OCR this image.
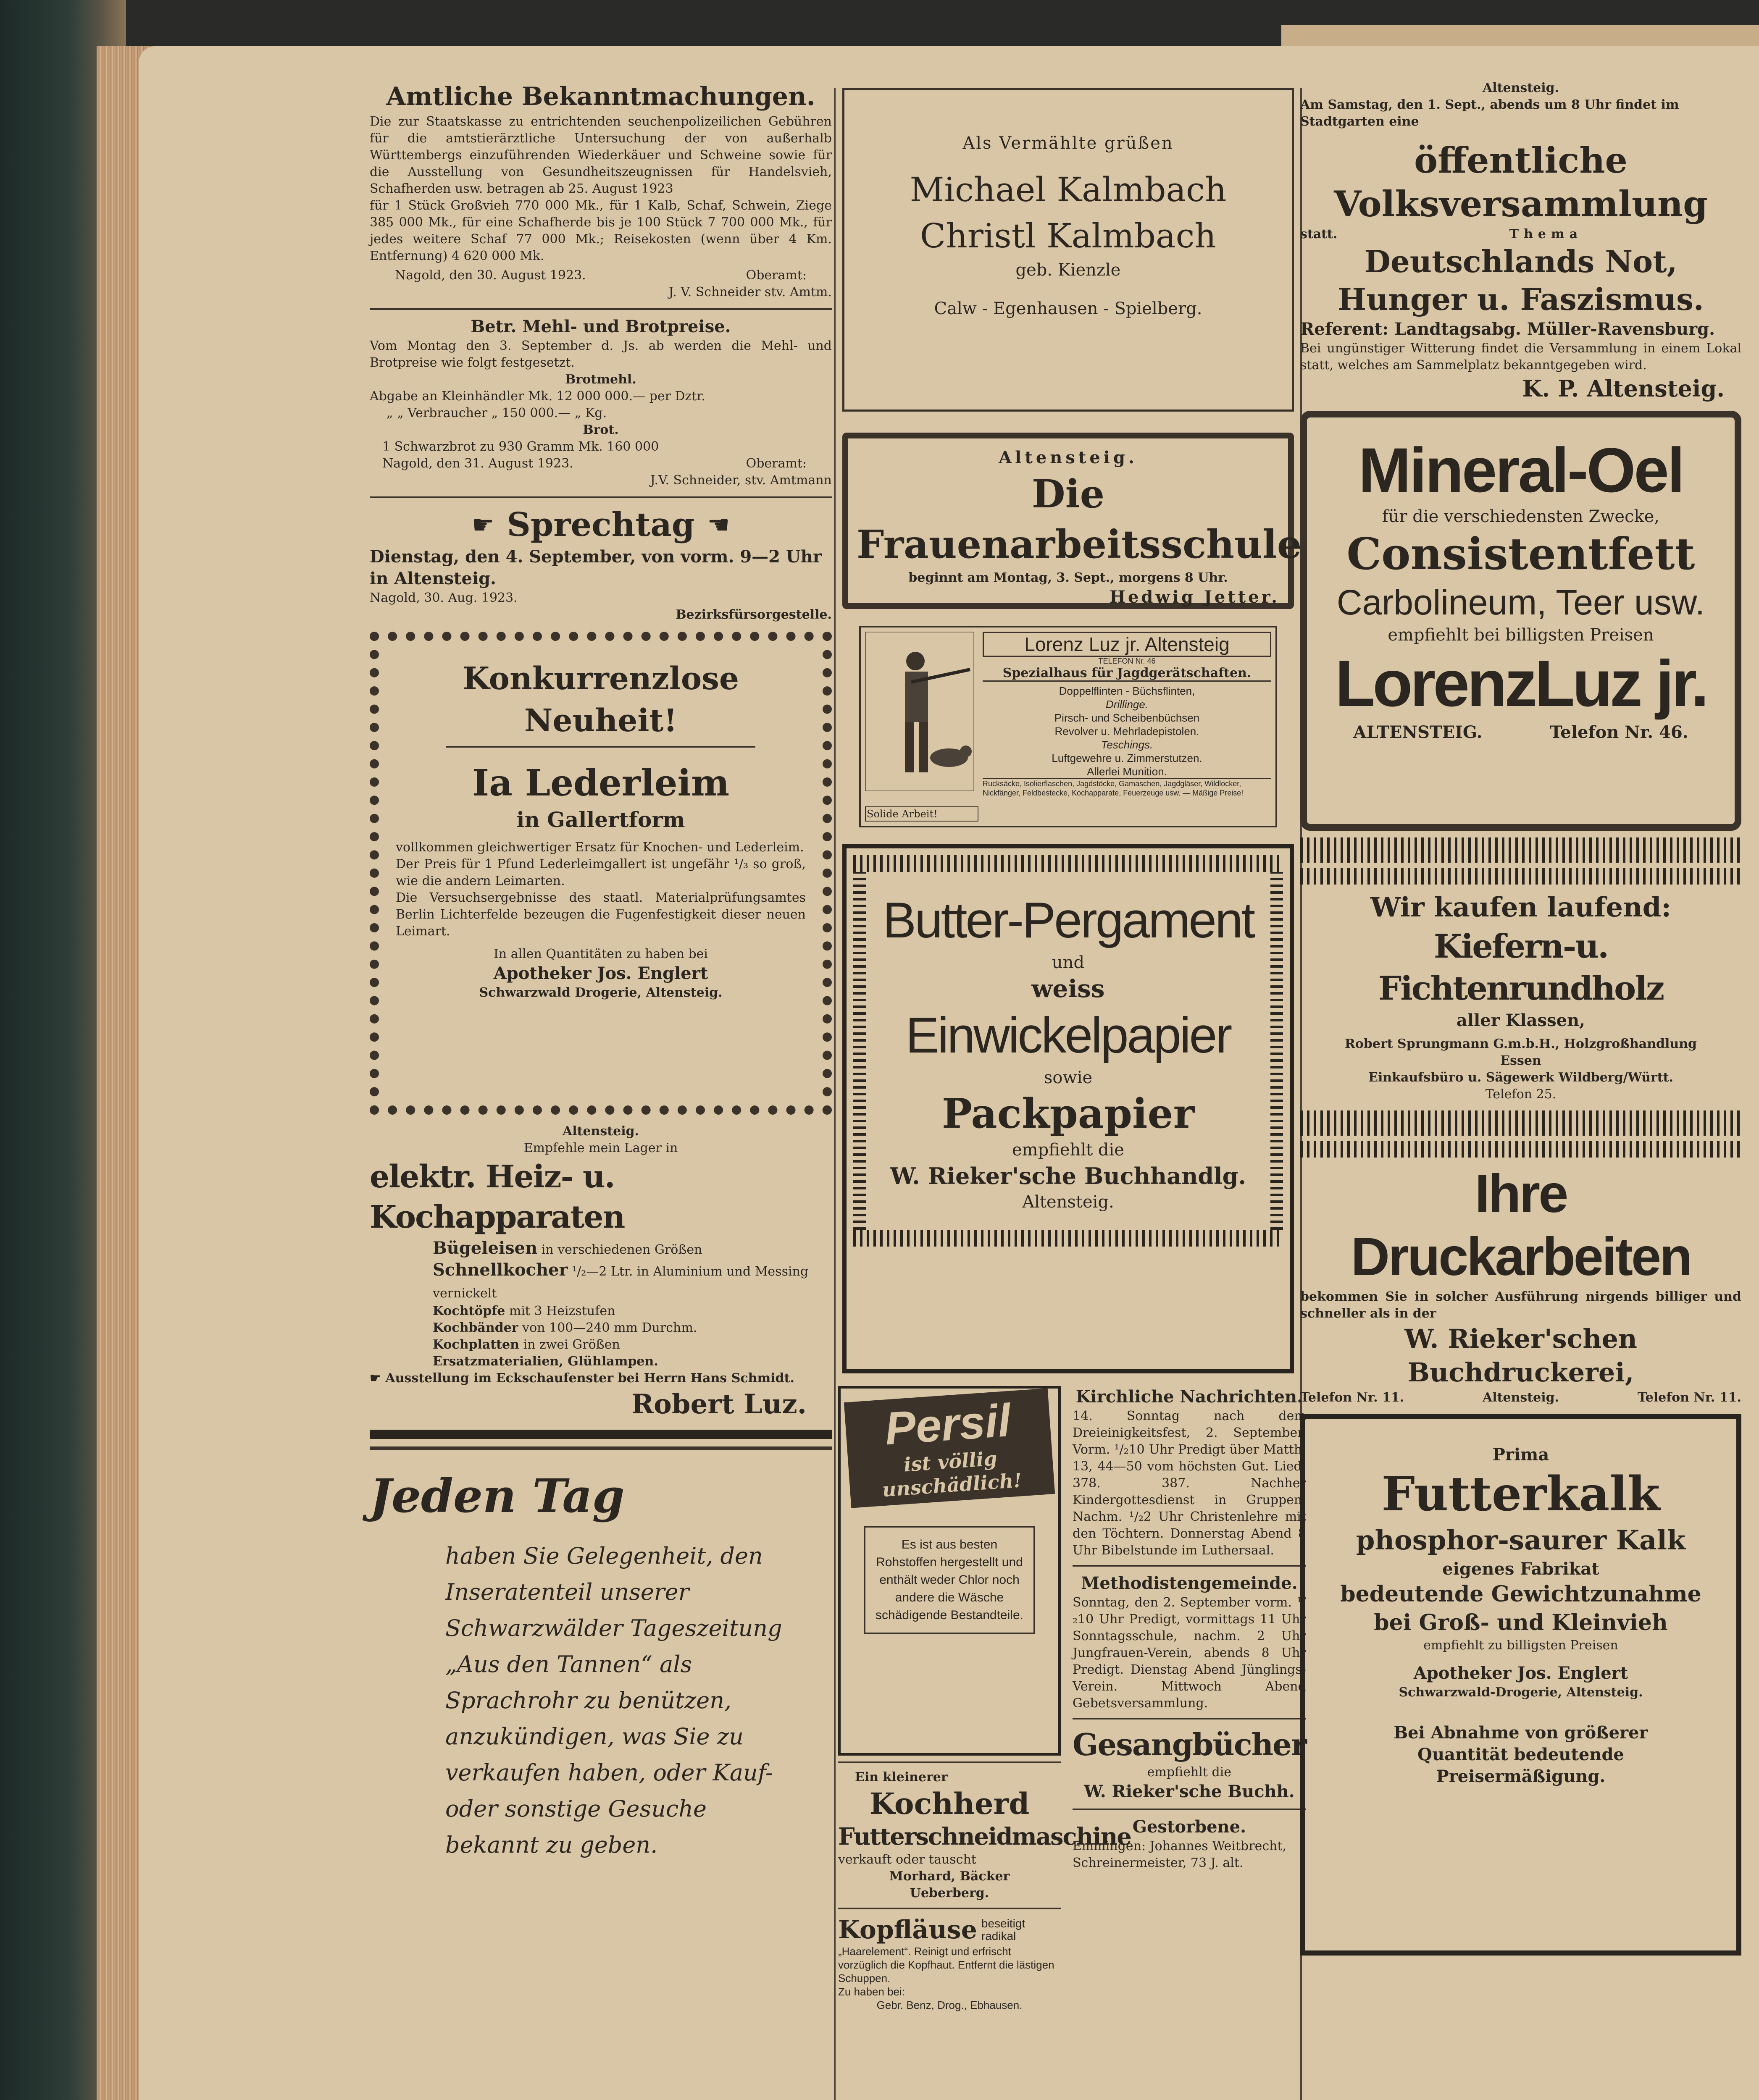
Amtliche Bekanntmachungen.
Die zur Staatskasse zu entrichtenden seuchenpolizeilichen Gebühren für die amtstierärztliche Untersuchung der von außerhalb Württembergs einzuführenden Wiederkäuer und Schweine sowie für die Ausstellung von Gesundheitszeugnissen für Handelsvieh, Schafherden usw. betragen ab 25. August 1923
für 1 Stück Großvieh 770 000 Mk., für 1 Kalb, Schaf, Schwein, Ziege 385 000 Mk., für eine Schafherde bis je 100 Stück 7 700 000 Mk., für jedes weitere Schaf 77 000 Mk.; Reisekosten (wenn über 4 Km. Entfernung) 4 620 000 Mk.
Nagold, den 30. August 1923.	Oberamt:
J. V. Schneider stv. Amtm.
Betr. Mehl- und Brotpreise.
Vom Montag den 3. September d. Js. ab werden die Mehl- und Brotpreise wie folgt festgesetzt.
Brotmehl.
Abgabe an Kleinhändler Mk. 12 000 000.— per Dztr.
„ „ Verbraucher „ 150 000.— „ Kg.
Brot.
1 Schwarzbrot zu 930 Gramm Mk. 160 000
Nagold, den 31. August 1923.	Oberamt:
J.V. Schneider, stv. Amtmann
☛ Sprechtag ☚
Dienstag, den 4. September, von vorm. 9—2 Uhr in Altensteig.
Nagold, 30. Aug. 1923.
Bezirksfürsorgestelle.
Konkurrenzlose Neuheit!
Ia Lederleim
in Gallertform
vollkommen gleichwertiger Ersatz für Knochen- und Lederleim.
Der Preis für 1 Pfund Lederleimgallert ist ungefähr ¹/₃ so groß, wie die andern Leimarten.
Die Versuchsergebnisse des staatl. Materialprüfungsamtes Berlin Lichterfelde bezeugen die Fugenfestigkeit dieser neuen Leimart.
In allen Quantitäten zu haben bei
Apotheker Jos. Englert
Schwarzwald Drogerie, Altensteig.
Altensteig.
Empfehle mein Lager in
elektr. Heiz- u. Kochapparaten
Bügeleisen in verschiedenen Größen
Schnellkocher ¹/₂—2 Ltr. in Aluminium und Messing vernickelt
Kochtöpfe mit 3 Heizstufen
Kochbänder von 100—240 mm Durchm.
Kochplatten in zwei Größen
Ersatzmaterialien, Glühlampen.
☛ Ausstellung im Eckschaufenster bei Herrn Hans Schmidt.
Robert Luz.
Jeden Tag
haben Sie Gelegenheit, den Inseratenteil unserer Schwarzwälder Tageszeitung „Aus den Tannen“ als Sprachrohr zu benützen, anzukündigen, was Sie zu verkaufen haben, oder Kauf- oder sonstige Gesuche bekannt zu geben.
Als Vermählte grüßen
Michael Kalmbach
Christl Kalmbach
geb. Kienzle
Calw - Egenhausen - Spielberg.
Altensteig.
Die Frauenarbeitsschule
beginnt am Montag, 3. Sept., morgens 8 Uhr.
Hedwig Jetter.
Solide Arbeit!
Lorenz Luz jr. Altensteig
TELEFON Nr. 46
Spezialhaus für Jagdgerätschaften.
Doppelflinten - Büchsflinten,
Drillinge.
Pirsch- und Scheibenbüchsen
Revolver u. Mehrladepistolen.
Teschings.
Luftgewehre u. Zimmerstutzen.
Allerlei Munition.
Rucksäcke, Isolierflaschen, Jagdstöcke, Gamaschen, Jagdgläser, Wildlocker, Nickfänger, Feldbestecke, Kochapparate, Feuerzeuge usw. — Mäßige Preise!
Butter-Pergament
und
weiss
Einwickelpapier
sowie
Packpapier
empfiehlt die
W. Rieker'sche Buchhandlg.
Altensteig.
Persil
ist völlig unschädlich!
Es ist aus besten Rohstoffen hergestellt und enthält weder Chlor noch andere die Wäsche schädigende Bestandteile.
Ein kleinerer
Kochherd
Futterschneidmaschine
verkauft oder tauscht
Morhard, Bäcker
Ueberberg.
Kopfläuse beseitigt radikal
„Haarelement“. Reinigt und erfrischt vorzüglich die Kopfhaut. Entfernt die lästigen Schuppen.
Zu haben bei:
Gebr. Benz, Drog., Ebhausen.
Kirchliche Nachrichten.
14. Sonntag nach dem Dreieinigkeitsfest, 2. September. Vorm. ¹/₂10 Uhr Predigt über Matth. 13, 44—50 vom höchsten Gut. Lied: 378. 387. Nachher Kindergottesdienst in Gruppen. Nachm. ¹/₂2 Uhr Christenlehre mit den Töchtern. Donnerstag Abend 8 Uhr Bibelstunde im Luthersaal.
Methodistengemeinde.
Sonntag, den 2. September vorm. ¹/₂10 Uhr Predigt, vormittags 11 Uhr Sonntagsschule, nachm. 2 Uhr Jungfrauen-Verein, abends 8 Uhr Predigt. Dienstag Abend Jünglings-Verein. Mittwoch Abend Gebetsversammlung.
Gesangbücher
empfiehlt die
W. Rieker'sche Buchh.
Gestorbene.
Emmingen: Johannes Weitbrecht, Schreinermeister, 73 J. alt.
Altensteig.
Am Samstag, den 1. Sept., abends um 8 Uhr findet im Stadtgarten eine
öffentliche
Volksversammlung
statt.	Thema
Deutschlands Not,
Hunger u. Faszismus.
Referent: Landtagsabg. Müller-Ravensburg.
Bei ungünstiger Witterung findet die Versammlung in einem Lokal statt, welches am Sammelplatz bekanntgegeben wird.
K. P. Altensteig.
Mineral-Oel
für die verschiedensten Zwecke,
Consistentfett
Carbolineum, Teer usw.
empfiehlt bei billigsten Preisen
LorenzLuz jr.
ALTENSTEIG.	Telefon Nr. 46.
Wir kaufen laufend:
Kiefern-u. Fichtenrundholz
aller Klassen,
Robert Sprungmann G.m.b.H., Holzgroßhandlung Essen
Einkaufsbüro u. Sägewerk Wildberg/Württ.
Telefon 25.
Ihre Druckarbeiten
bekommen Sie in solcher Ausführung nirgends billiger und schneller als in der
W. Rieker'schen Buchdruckerei,
Telefon Nr. 11.	Altensteig.	Telefon Nr. 11.
Prima
Futterkalk
phosphor-saurer Kalk
eigenes Fabrikat
bedeutende Gewichtzunahme
bei Groß- und Kleinvieh
empfiehlt zu billigsten Preisen
Apotheker Jos. Englert
Schwarzwald-Drogerie, Altensteig.
Bei Abnahme von größerer
Quantität bedeutende
Preisermäßigung.
